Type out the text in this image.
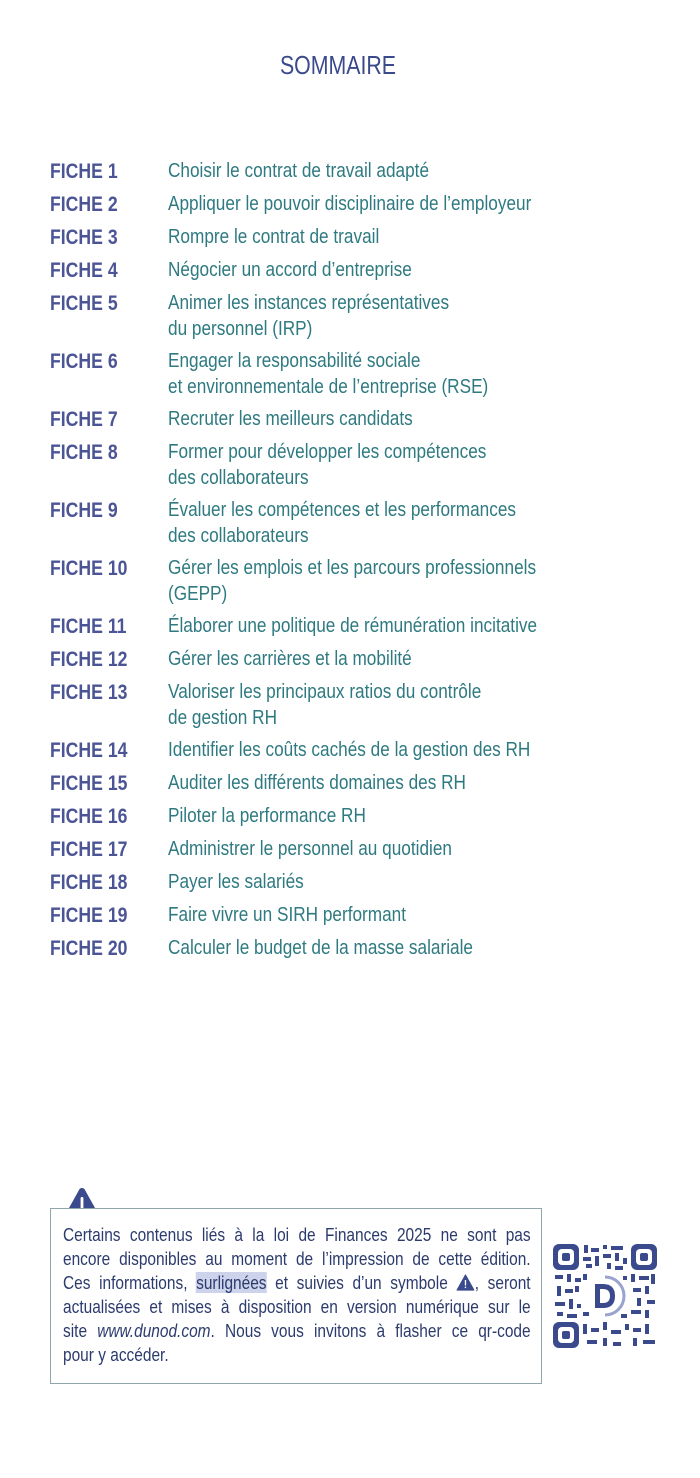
SOMMAIRE
FICHE 1	Choisir le contrat de travail adapté
FICHE 2	Appliquer le pouvoir disciplinaire de l’employeur
FICHE 3	Rompre le contrat de travail
FICHE 4	Négocier un accord d’entreprise
FICHE 5	Animer les instances représentatives
du personnel (IRP)
FICHE 6	Engager la responsabilité sociale
et environnementale de l’entreprise (RSE)
FICHE 7	Recruter les meilleurs candidats
FICHE 8	Former pour développer les compétences
des collaborateurs
FICHE 9	Évaluer les compétences et les performances
des collaborateurs
FICHE 10	Gérer les emplois et les parcours professionnels
(GEPP)
FICHE 11	Élaborer une politique de rémunération incitative
FICHE 12	Gérer les carrières et la mobilité
FICHE 13	Valoriser les principaux ratios du contrôle
de gestion RH
FICHE 14	Identifier les coûts cachés de la gestion des RH
FICHE 15	Auditer les différents domaines des RH
FICHE 16	Piloter la performance RH
FICHE 17	Administrer le personnel au quotidien
FICHE 18	Payer les salariés
FICHE 19	Faire vivre un SIRH performant
FICHE 20	Calculer le budget de la masse salariale
Certains contenus liés à la loi de Finances 2025 ne sont pas
encore disponibles au moment de l’impression de cette édition.
Ces informations, surlignées et suivies d’un symbole , seront
actualisées et mises à disposition en version numérique sur le
site www.dunod.com. Nous vous invitons à flasher ce qr-code
pour y accéder.
